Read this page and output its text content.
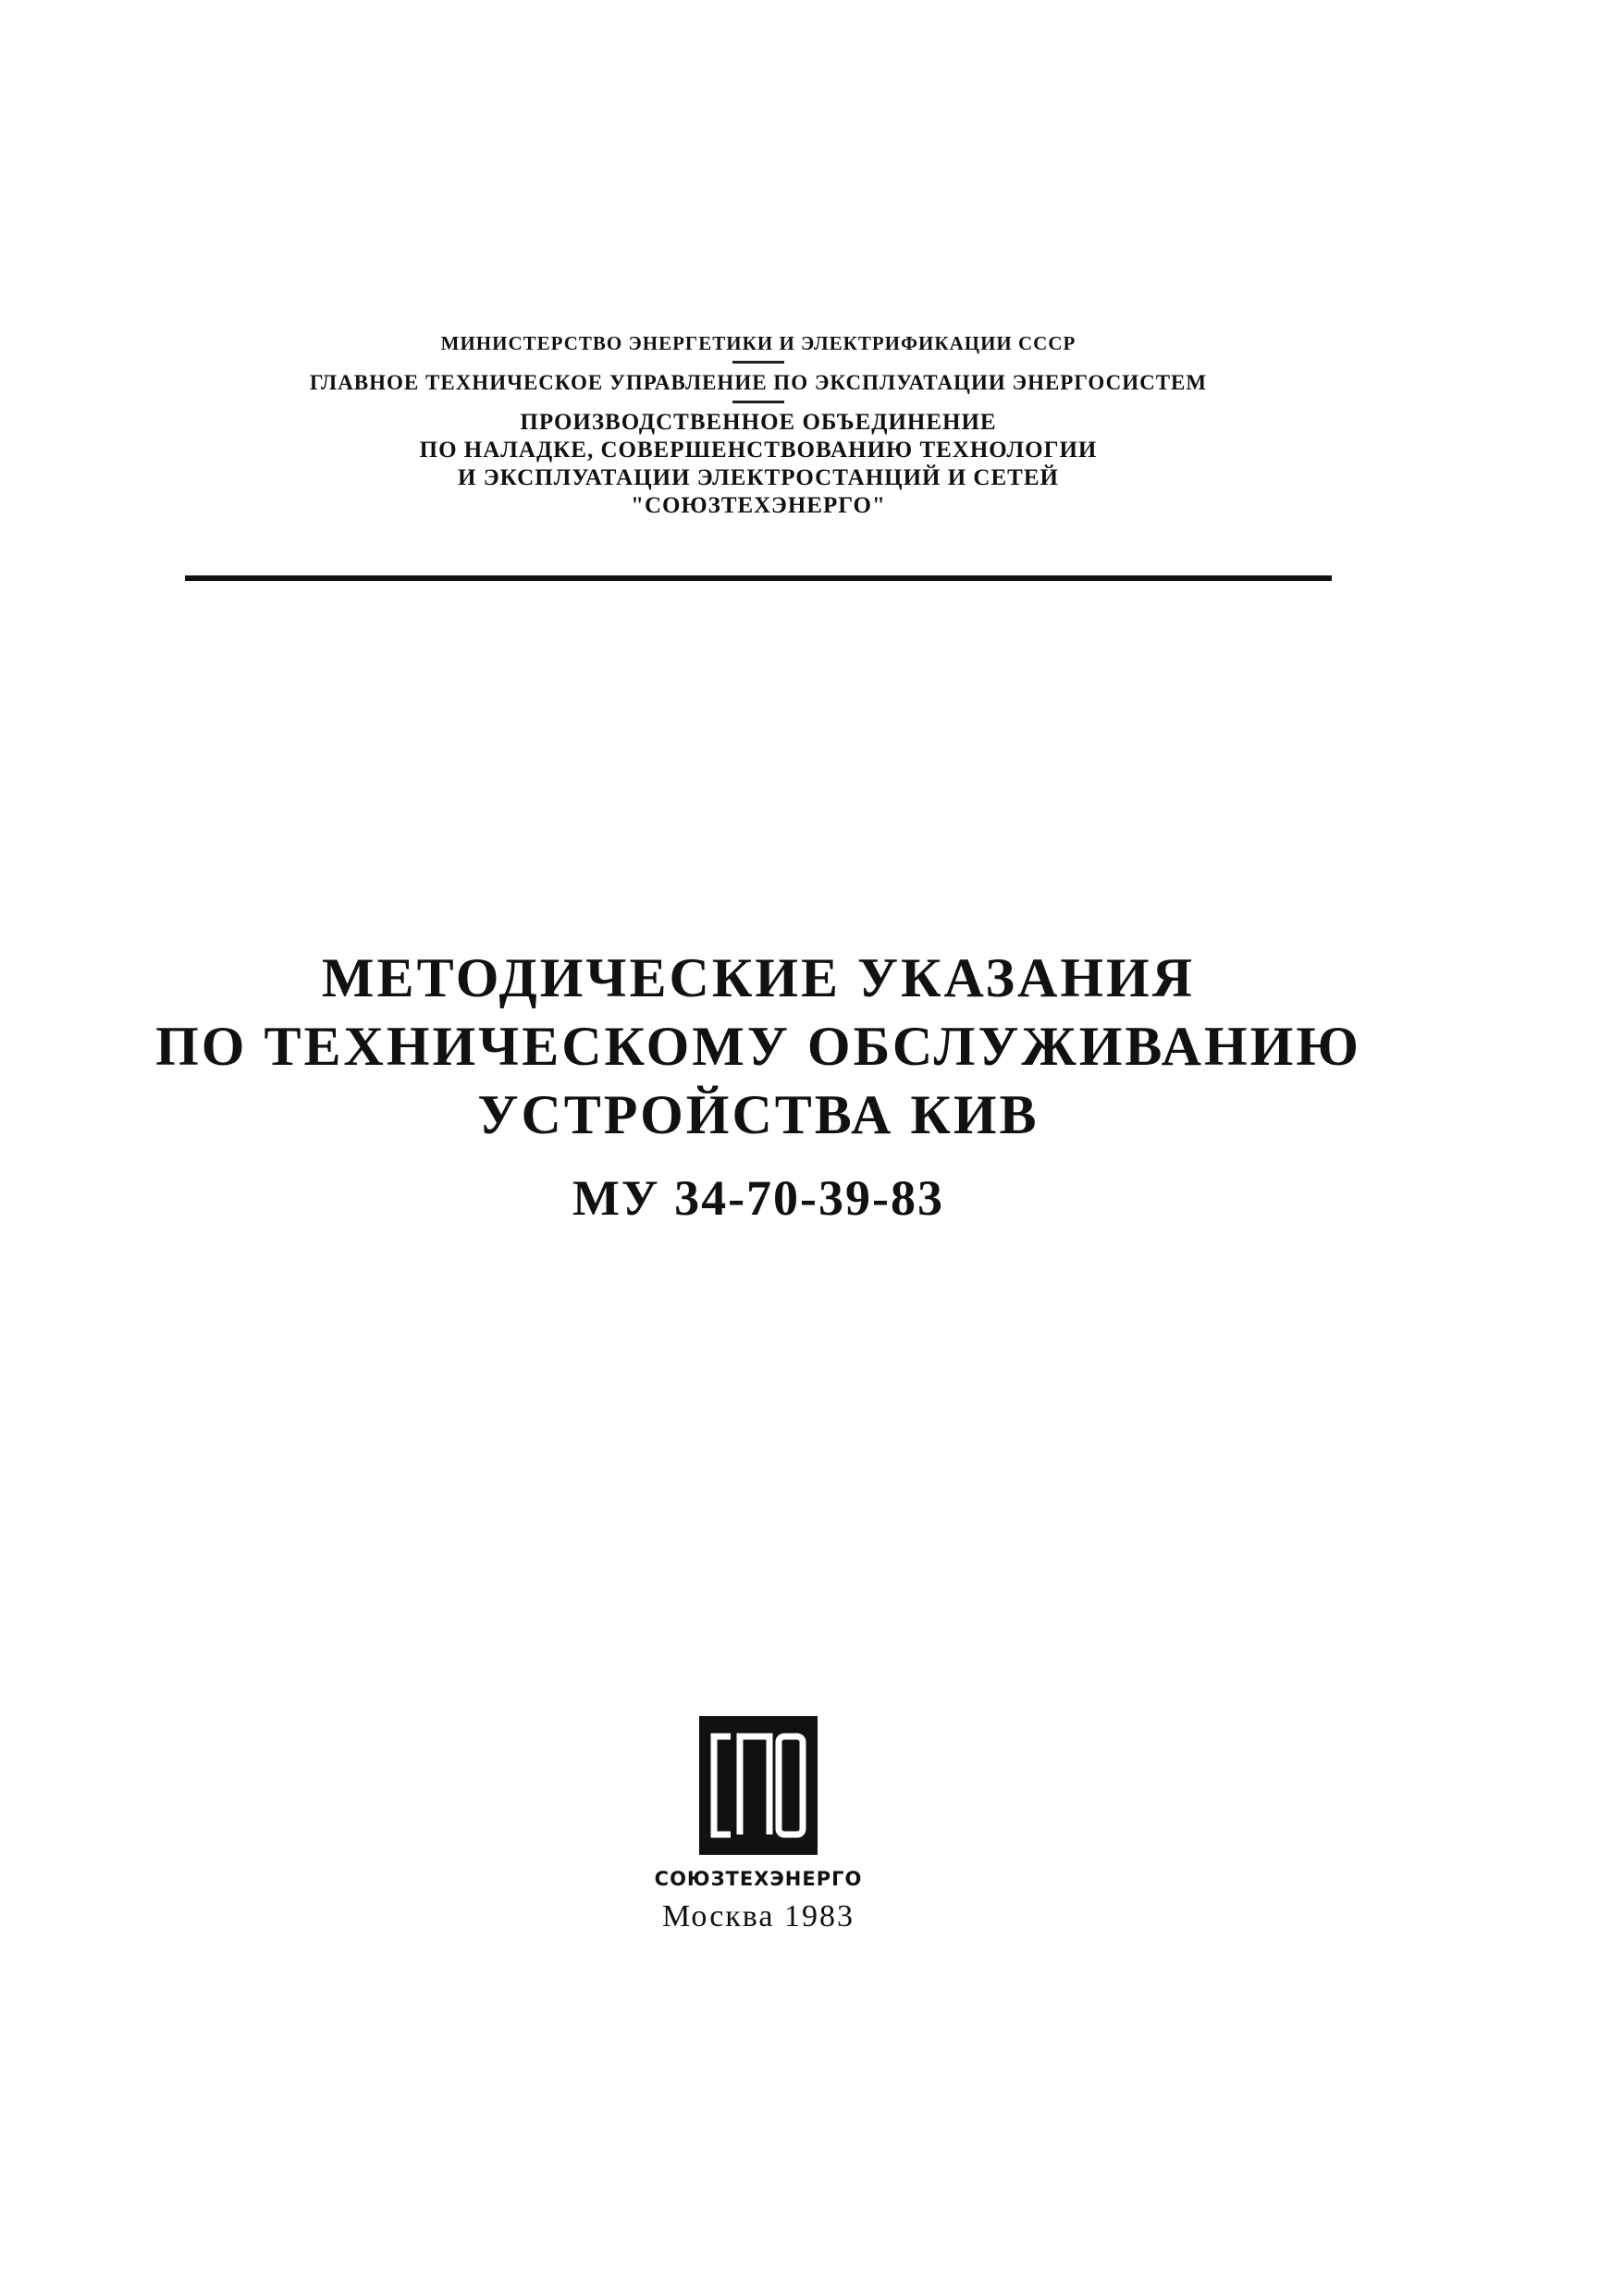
МИНИСТЕРСТВО ЭНЕРГЕТИКИ И ЭЛЕКТРИФИКАЦИИ СССР
ГЛАВНОЕ ТЕХНИЧЕСКОЕ УПРАВЛЕНИЕ ПО ЭКСПЛУАТАЦИИ ЭНЕРГОСИСТЕМ
ПРОИЗВОДСТВЕННОЕ ОБЪЕДИНЕНИЕ
ПО НАЛАДКЕ, СОВЕРШЕНСТВОВАНИЮ ТЕХНОЛОГИИ
И ЭКСПЛУАТАЦИИ ЭЛЕКТРОСТАНЦИЙ И СЕТЕЙ
"СОЮЗТЕХЭНЕРГО"
МЕТОДИЧЕСКИЕ УКАЗАНИЯ
ПО ТЕХНИЧЕСКОМУ ОБСЛУЖИВАНИЮ
УСТРОЙСТВА КИВ
МУ 34-70-39-83
СОЮЗТЕХЭНЕРГО
Москва 1983
